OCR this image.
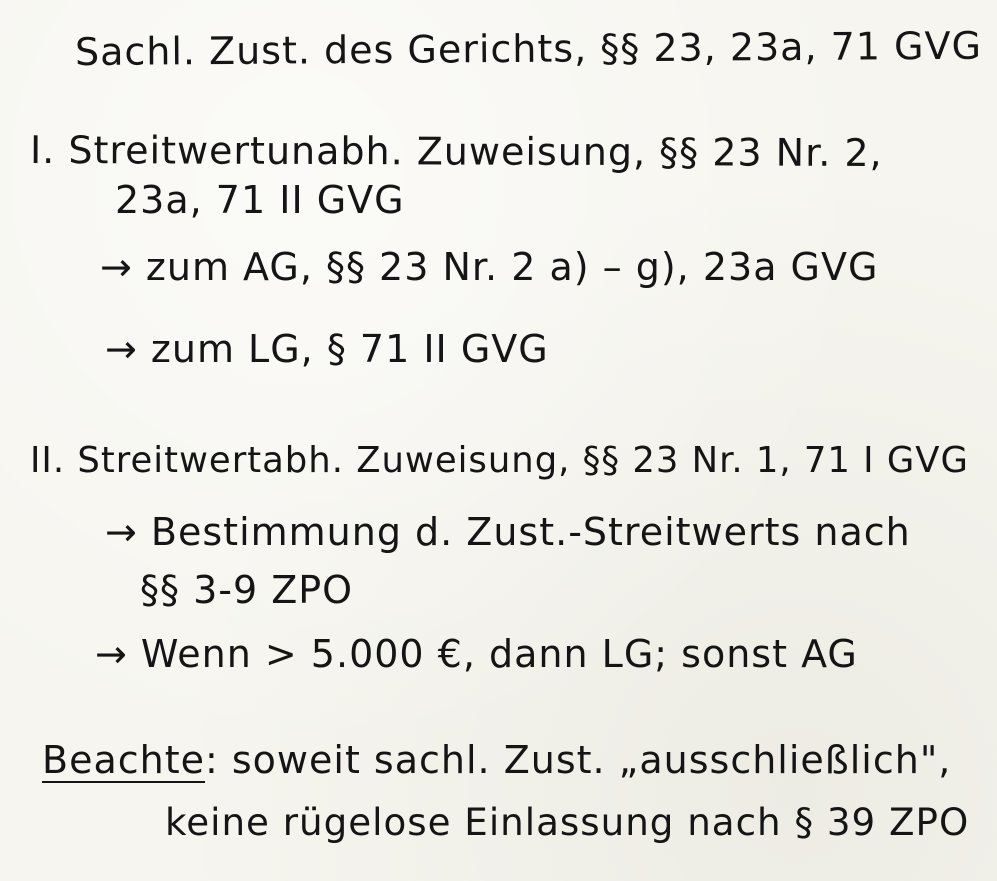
Sachl. Zust. des Gerichts, §§ 23, 23a, 71 GVG
I. Streitwertunabh. Zuweisung, §§ 23 Nr. 2,
23a, 71 II GVG
→ zum AG, §§ 23 Nr. 2 a) – g), 23a GVG
→ zum LG, § 71 II GVG
II. Streitwertabh. Zuweisung, §§ 23 Nr. 1, 71 I GVG
→ Bestimmung d. Zust.-Streitwerts nach
§§ 3-9 ZPO
→ Wenn > 5.000 €, dann LG; sonst AG
Beachte: soweit sachl. Zust. „ausschließlich",
keine rügelose Einlassung nach § 39 ZPO
